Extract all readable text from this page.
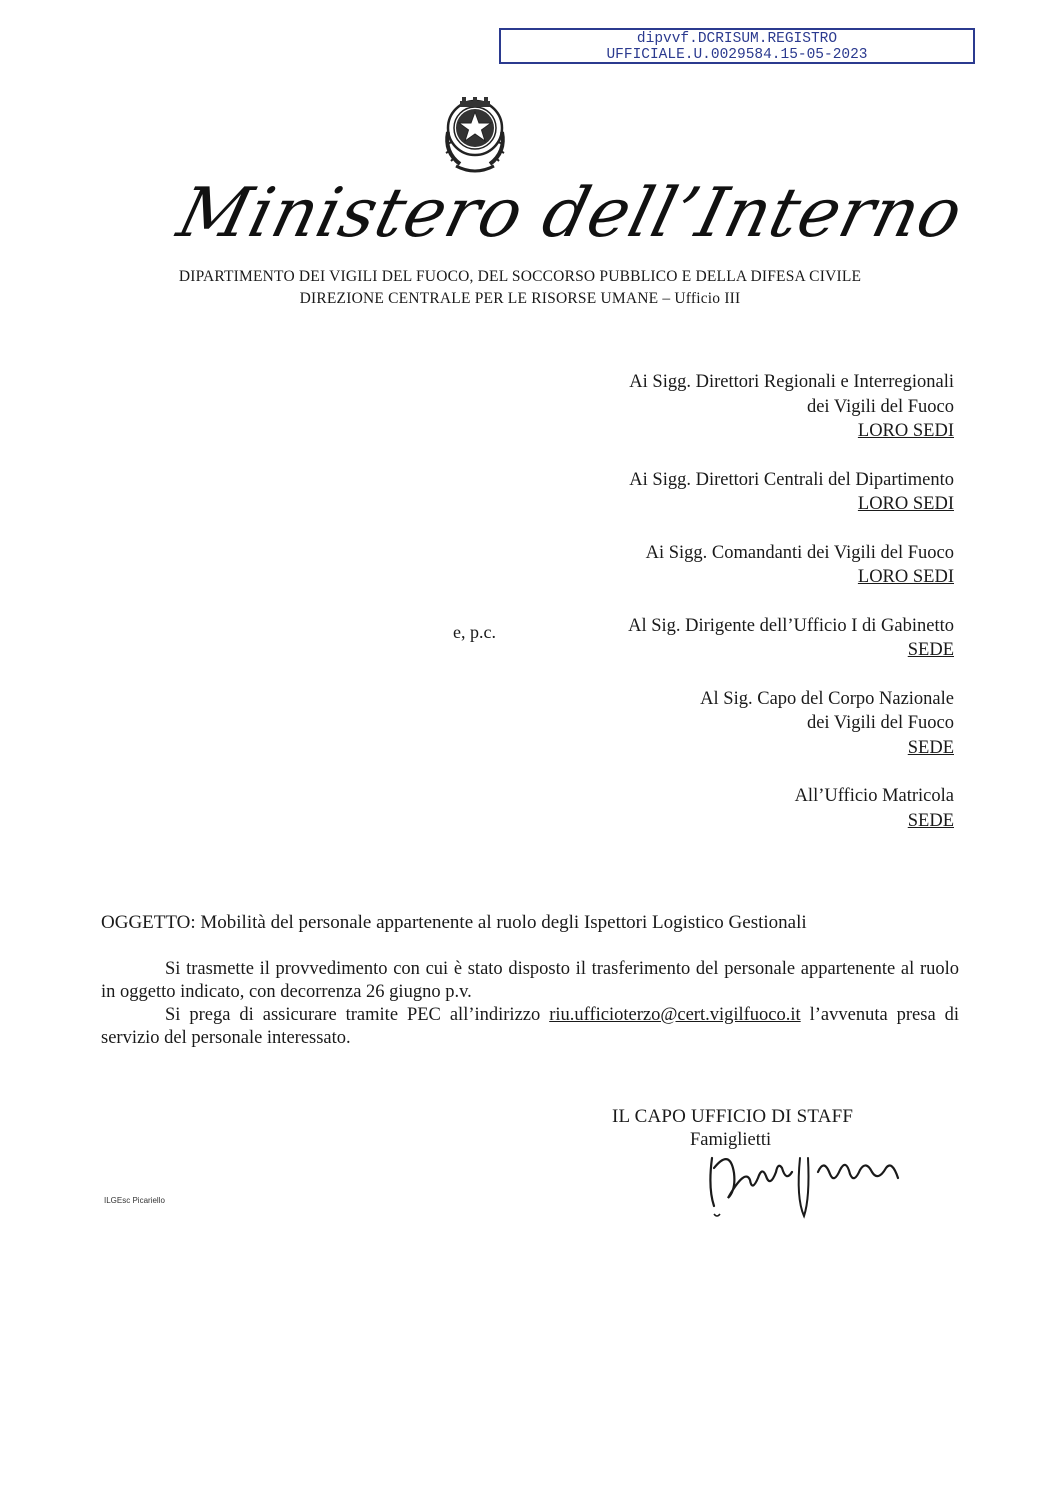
dipvvf.DCRISUM.REGISTRO
UFFICIALE.U.0029584.15-05-2023
Ministero dell’Interno
DIPARTIMENTO DEI VIGILI DEL FUOCO, DEL SOCCORSO PUBBLICO E DELLA DIFESA CIVILE
DIREZIONE CENTRALE PER LE RISORSE UMANE – Ufficio III
Ai Sigg. Direttori Regionali e Interregionali
dei Vigili del Fuoco
LORO SEDI
Ai Sigg. Direttori Centrali del Dipartimento
LORO SEDI
Ai Sigg. Comandanti dei Vigili del Fuoco
LORO SEDI
Al Sig. Dirigente dell’Ufficio I di Gabinetto
SEDE
Al Sig. Capo del Corpo Nazionale
dei Vigili del Fuoco
SEDE
All’Ufficio Matricola
SEDE
e, p.c.
OGGETTO: Mobilità del personale appartenente al ruolo degli Ispettori Logistico Gestionali

Si trasmette il provvedimento con cui è stato disposto il trasferimento del personale appartenente al ruolo in oggetto indicato, con decorrenza 26 giugno p.v.

Si prega di assicurare tramite PEC all’indirizzo riu.ufficioterzo@cert.vigilfuoco.it l’avvenuta presa di servizio del personale interessato.

IL CAPO UFFICIO DI STAFF
Famiglietti
ILGEsc Picariello
